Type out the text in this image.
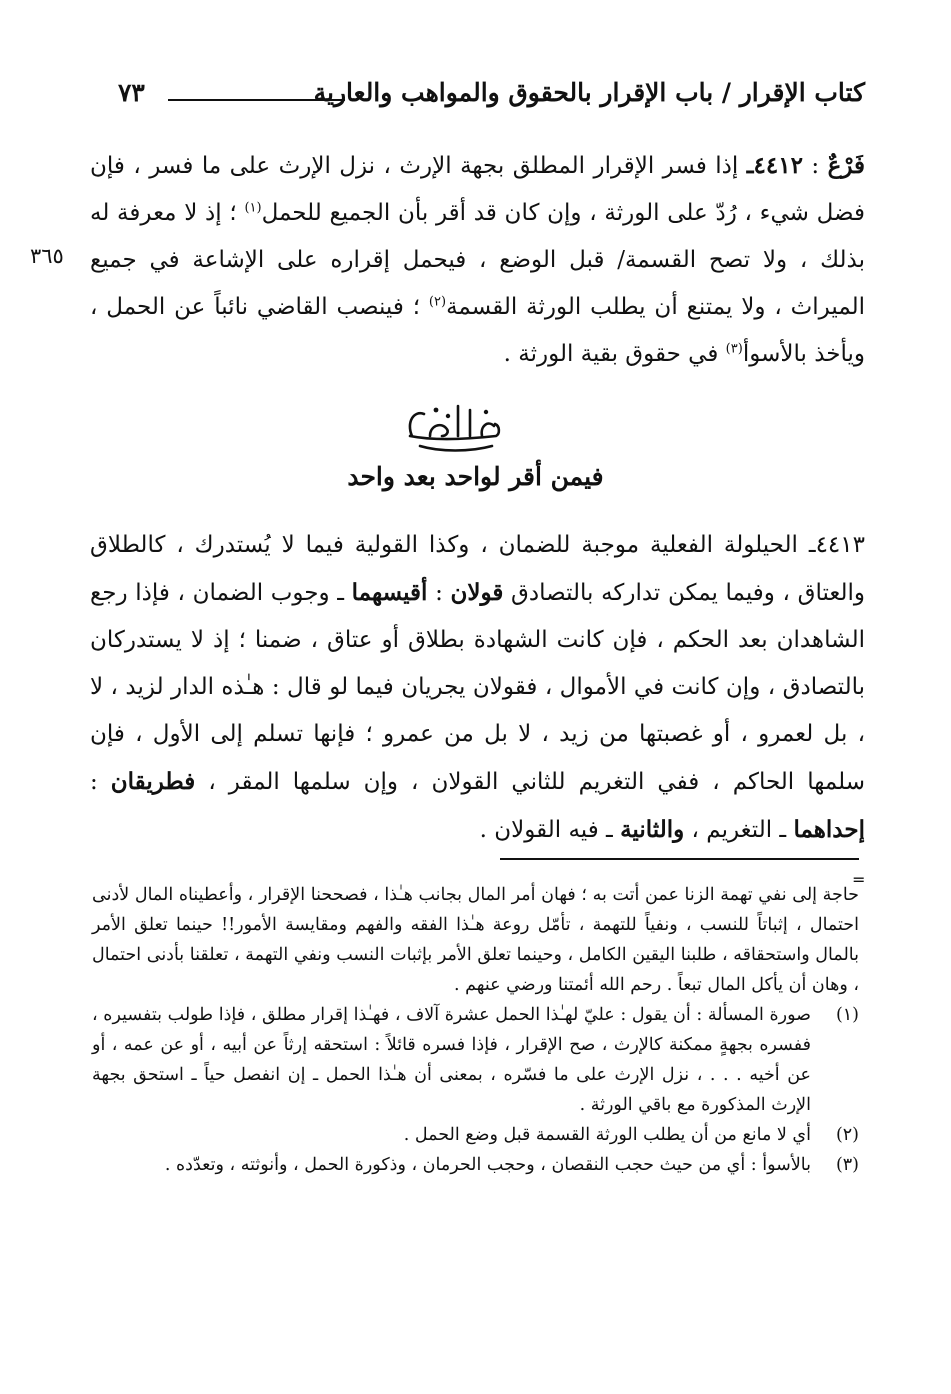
كتاب الإقرار / باب الإقرار بالحقوق والمواهب والعارية
٧٣
فَرْعٌ : ٤٤١٢ـ إذا فسر الإقرار المطلق بجهة الإرث ، نزل الإرث على ما فسر ، فإن فضل شيء ، رُدّ على الورثة ، وإن كان قد أقر بأن الجميع للحمل$^{(١)}$ ؛ إذ لا معرفة له بذلك ، ولا تصح القسمة/ قبل الوضع ، فيحمل إقراره على الإشاعة في جميع الميراث ، ولا يمتنع أن يطلب الورثة القسمة$^{(٢)}$ ؛ فينصب القاضي نائباً عن الحمل ، ويأخذ بالأسوأ$^{(٣)}$ في حقوق بقية الورثة .
٣٦٥
فيمن أقر لواحد بعد واحد
٤٤١٣ـ الحيلولة الفعلية موجبة للضمان ، وكذا القولية فيما لا يُستدرك ، كالطلاق والعتاق ، وفيما يمكن تداركه بالتصادق قولان : أقيسهما ـ وجوب الضمان ، فإذا رجع الشاهدان بعد الحكم ، فإن كانت الشهادة بطلاق أو عتاق ، ضمنا ؛ إذ لا يستدركان بالتصادق ، وإن كانت في الأموال ، فقولان يجريان فيما لو قال : هـٰذه الدار لزيد ، لا ، بل لعمرو ، أو غصبتها من زيد ، لا بل من عمرو ؛ فإنها تسلم إلى الأول ، فإن سلمها الحاكم ، ففي التغريم للثاني القولان ، وإن سلمها المقر ، فطريقان : إحداهما ـ التغريم ، والثانية ـ فيه القولان .
=

حاجة إلى نفي تهمة الزنا عمن أتت به ؛ فهان أمر المال بجانب هـٰذا ، فصححنا الإقرار ، وأعطيناه المال لأدنى احتمال ، إثباتاً للنسب ، ونفياً للتهمة ، تأمّل روعة هـٰذا الفقه والفهم ومقايسة الأمور!! حينما تعلق الأمر بالمال واستحقاقه ، طلبنا اليقين الكامل ، وحينما تعلق الأمر بإثبات النسب ونفي التهمة ، تعلقنا بأدنى احتمال ، وهان أن يأكل المال تبعاً . رحم الله أئمتنا ورضي عنهم .

(١)
صورة المسألة : أن يقول : عليّ لهـٰذا الحمل عشرة آلاف ، فهـٰذا إقرار مطلق ، فإذا طولب بتفسيره ، ففسره بجهةٍ ممكنة كالإرث ، صح الإقرار ، فإذا فسره قائلاً : استحقه إرثاً عن أبيه ، أو عن عمه ، أو عن أخيه . . . ، نزل الإرث على ما فسّره ، بمعنى أن هـٰذا الحمل ـ إن انفصل حياً ـ استحق بجهة الإرث المذكورة مع باقي الورثة .
(٢)
أي لا مانع من أن يطلب الورثة القسمة قبل وضع الحمل .
(٣)
بالأسوأ : أي من حيث حجب النقصان ، وحجب الحرمان ، وذكورة الحمل ، وأنوثته ، وتعدّده .
